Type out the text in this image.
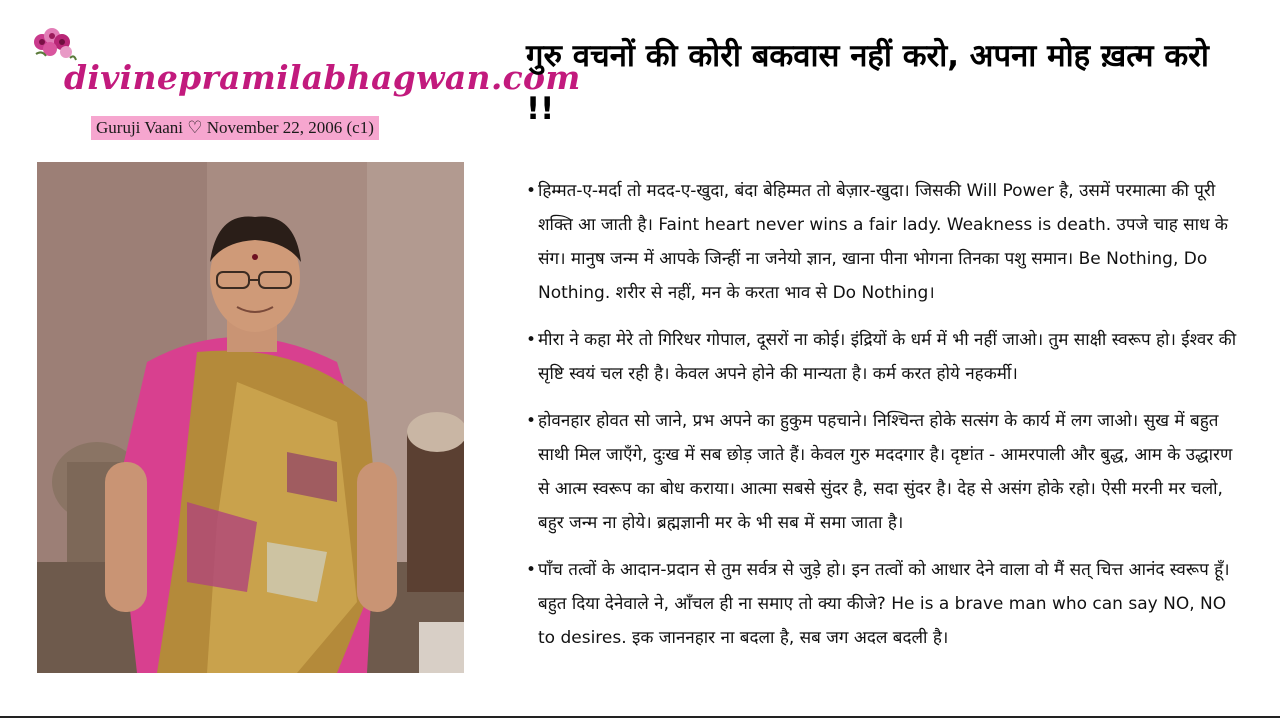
divinepramilabhagwan.com
Guruji Vaani ♡ November 22, 2006 (c1)
गुरु वचनों की कोरी बकवास नहीं करो, अपना मोह ख़त्म करो !!
• हिम्मत-ए-मर्दा तो मदद-ए-खुदा, बंदा बेहिम्मत तो बेज़ार-खुदा। जिसकी Will Power है, उसमें परमात्मा की पूरी शक्ति आ जाती है। Faint heart never wins a fair lady. Weakness is death. उपजे चाह साध के संग। मानुष जन्म में आपके जिन्हीं ना जनेयो ज्ञान, खाना पीना भोगना तिनका पशु समान। Be Nothing, Do Nothing. शरीर से नहीं, मन के करता भाव से Do Nothing।
• मीरा ने कहा मेरे तो गिरिधर गोपाल, दूसरों ना कोई। इंद्रियों के धर्म में भी नहीं जाओ। तुम साक्षी स्वरूप हो। ईश्वर की सृष्टि स्वयं चल रही है। केवल अपने होने की मान्यता है। कर्म करत होये नहकर्मी।
• होवनहार होवत सो जाने, प्रभ अपने का हुकुम पहचाने। निश्चिन्त होके सत्संग के कार्य में लग जाओ। सुख में बहुत साथी मिल जाएँगे, दुःख में सब छोड़ जाते हैं। केवल गुरु मददगार है। दृष्टांत - आमरपाली और बुद्ध, आम के उद्धारण से आत्म स्वरूप का बोध कराया। आत्मा सबसे सुंदर है, सदा सुंदर है। देह से असंग होके रहो। ऐसी मरनी मर चलो, बहुर जन्म ना होये। ब्रह्मज्ञानी मर के भी सब में समा जाता है।
• पाँच तत्वों के आदान-प्रदान से तुम सर्वत्र से जुड़े हो। इन तत्वों को आधार देने वाला वो मैं सत् चित्त आनंद स्वरूप हूँ। बहुत दिया देनेवाले ने, आँचल ही ना समाए तो क्या कीजे? He is a brave man who can say NO, NO to desires. इक जाननहार ना बदला है, सब जग अदल बदली है।
